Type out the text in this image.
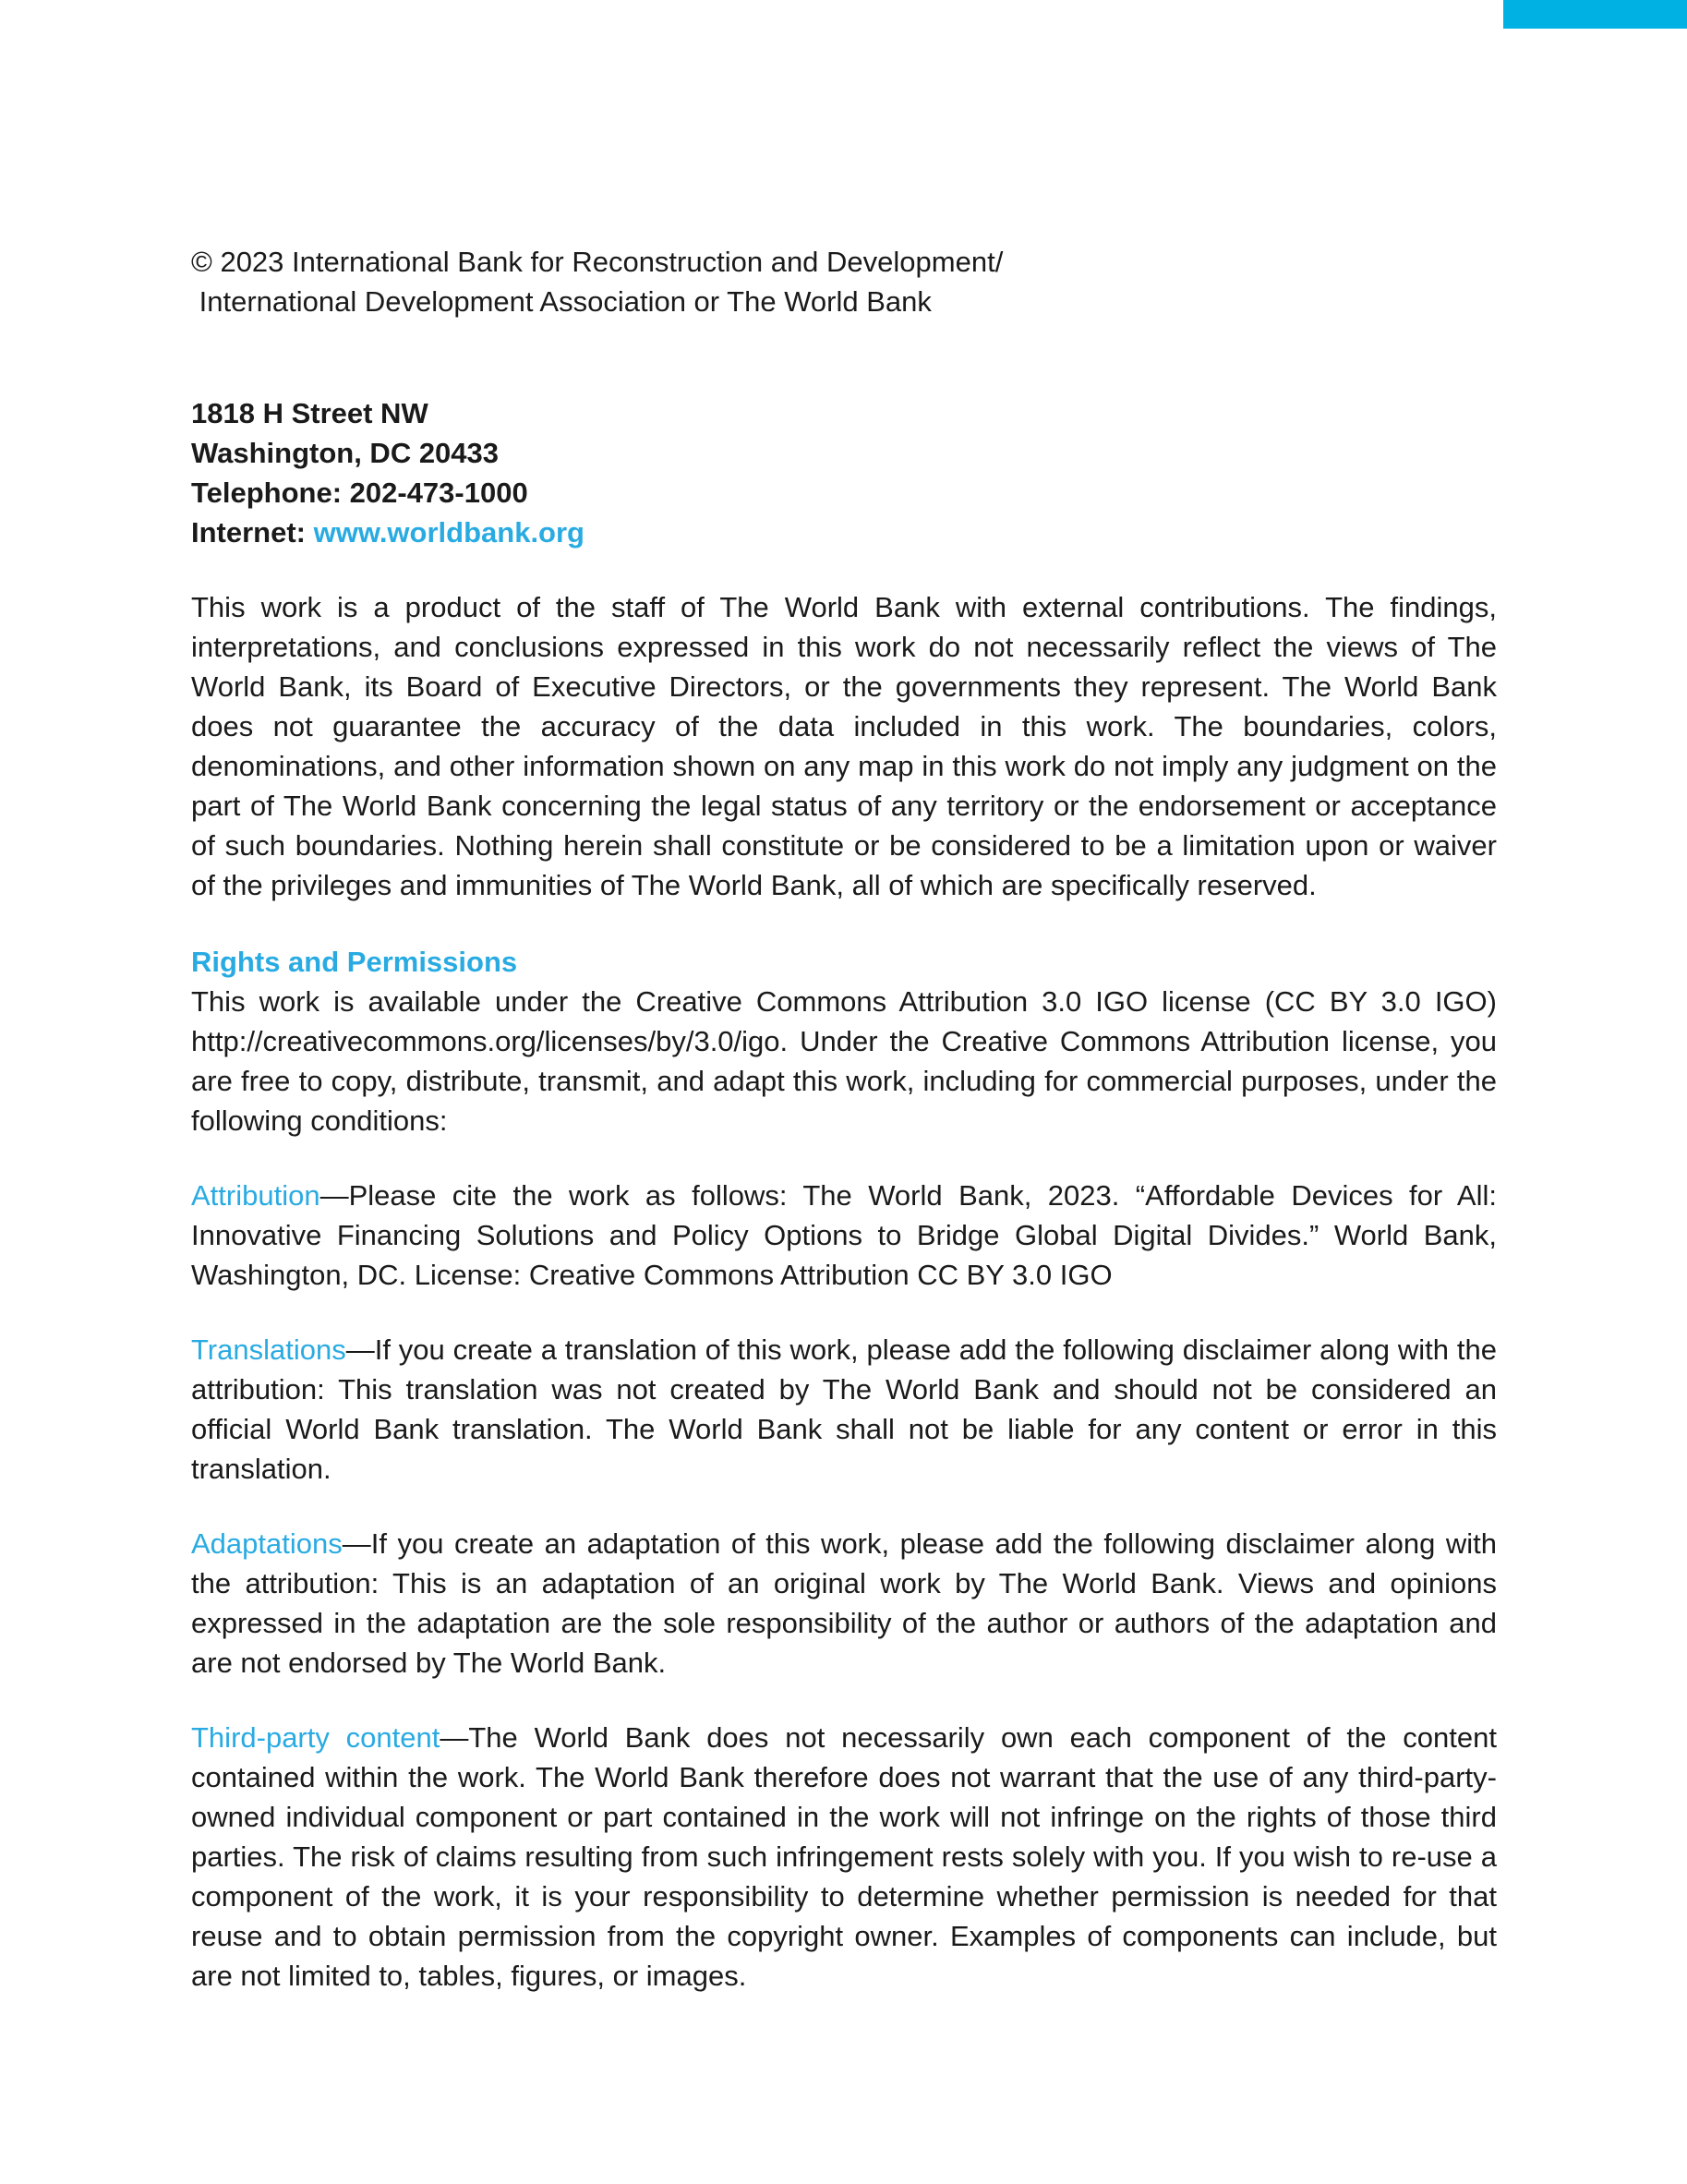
© 2023 International Bank for Reconstruction and Development/
International Development Association or The World Bank
1818 H Street NW
Washington, DC 20433
Telephone: 202-473-1000
Internet: www.worldbank.org
This work is a product of the staff of The World Bank with external contributions. The findings, interpretations, and conclusions expressed in this work do not necessarily reflect the views of The World Bank, its Board of Executive Directors, or the governments they represent. The World Bank does not guarantee the accuracy of the data included in this work. The boundaries, colors, denominations, and other information shown on any map in this work do not imply any judgment on the part of The World Bank concerning the legal status of any territory or the endorsement or acceptance of such boundaries. Nothing herein shall constitute or be considered to be a limitation upon or waiver of the privileges and immunities of The World Bank, all of which are specifically reserved.
Rights and Permissions
This work is available under the Creative Commons Attribution 3.0 IGO license (CC BY 3.0 IGO) http://creativecommons.org/licenses/by/3.0/igo. Under the Creative Commons Attribution license, you are free to copy, distribute, transmit, and adapt this work, including for commercial purposes, under the following conditions:
Attribution—Please cite the work as follows: The World Bank, 2023. “Affordable Devices for All: Innovative Financing Solutions and Policy Options to Bridge Global Digital Divides.” World Bank, Washington, DC. License: Creative Commons Attribution CC BY 3.0 IGO
Translations—If you create a translation of this work, please add the following disclaimer along with the attribution: This translation was not created by The World Bank and should not be considered an official World Bank translation. The World Bank shall not be liable for any content or error in this translation.
Adaptations—If you create an adaptation of this work, please add the following disclaimer along with the attribution: This is an adaptation of an original work by The World Bank. Views and opinions expressed in the adaptation are the sole responsibility of the author or authors of the adaptation and are not endorsed by The World Bank.
Third-party content—The World Bank does not necessarily own each component of the content contained within the work. The World Bank therefore does not warrant that the use of any third-party-owned individual component or part contained in the work will not infringe on the rights of those third parties. The risk of claims resulting from such infringement rests solely with you. If you wish to re-use a component of the work, it is your responsibility to determine whether permission is needed for that reuse and to obtain permission from the copyright owner. Examples of components can include, but are not limited to, tables, figures, or images.
